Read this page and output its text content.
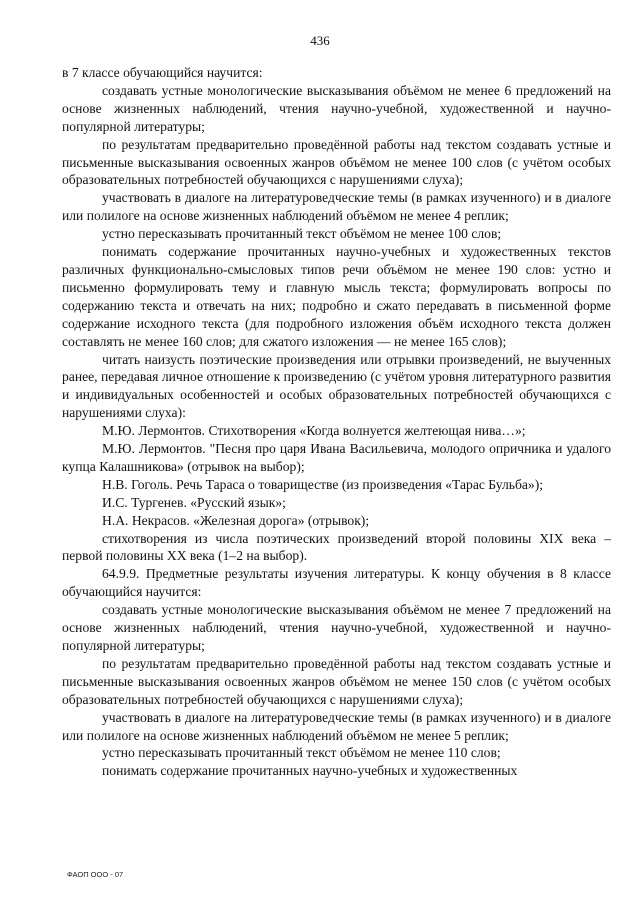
436

в 7 классе обучающийся научится:

создавать устные монологические высказывания объёмом не менее 6 предложений на основе жизненных наблюдений, чтения научно-учебной, художественной и научно-популярной литературы;

по результатам предварительно проведённой работы над текстом создавать устные и письменные высказывания освоенных жанров объёмом не менее 100 слов (с учётом особых образовательных потребностей обучающихся с нарушениями слуха);

участвовать в диалоге на литературоведческие темы (в рамках изученного) и в диалоге или полилоге на основе жизненных наблюдений объёмом не менее 4 реплик;

устно пересказывать прочитанный текст объёмом не менее 100 слов;

понимать содержание прочитанных научно-учебных и художественных текстов различных функционально-смысловых типов речи объёмом не менее 190 слов: устно и письменно формулировать тему и главную мысль текста; формулировать вопросы по содержанию текста и отвечать на них; подробно и сжато передавать в письменной форме содержание исходного текста (для подробного изложения объём исходного текста должен составлять не менее 160 слов; для сжатого изложения — не менее 165 слов);

читать наизусть поэтические произведения или отрывки произведений, не выученных ранее, передавая личное отношение к произведению (с учётом уровня литературного развития и индивидуальных особенностей и особых образовательных потребностей обучающихся с нарушениями слуха):

М.Ю. Лермонтов. Стихотворения «Когда волнуется желтеющая нива…»;

М.Ю. Лермонтов. "Песня про царя Ивана Васильевича, молодого опричника и удалого купца Калашникова» (отрывок на выбор);

Н.В. Гоголь. Речь Тараса о товариществе (из произведения «Тарас Бульба»);

И.С. Тургенев. «Русский язык»;

Н.А. Некрасов. «Железная дорога» (отрывок);

стихотворения из числа поэтических произведений второй половины XIX века – первой половины XX века (1–2 на выбор).

64.9.9. Предметные результаты изучения литературы. К концу обучения в 8 классе обучающийся научится:

создавать устные монологические высказывания объёмом не менее 7 предложений на основе жизненных наблюдений, чтения научно-учебной, художественной и научно-популярной литературы;

по результатам предварительно проведённой работы над текстом создавать устные и письменные высказывания освоенных жанров объёмом не менее 150 слов (с учётом особых образовательных потребностей обучающихся с нарушениями слуха);

участвовать в диалоге на литературоведческие темы (в рамках изученного) и в диалоге или полилоге на основе жизненных наблюдений объёмом не менее 5 реплик;

устно пересказывать прочитанный текст объёмом не менее 110 слов;

понимать содержание прочитанных научно-учебных и художественных

ФАОП ООО - 07
